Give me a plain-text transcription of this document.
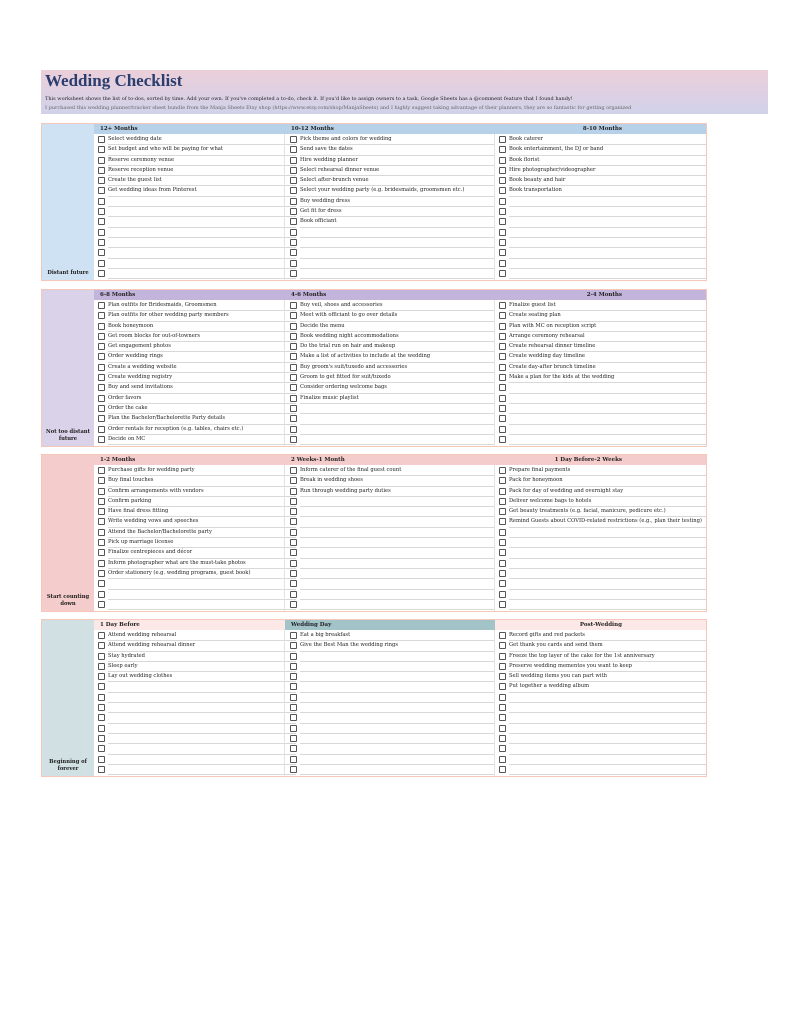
Wedding Checklist
This worksheet shows the list of to-dos, sorted by time. Add your own. If you've completed a to-do, check it. If you'd like to assign owners to a task, Google Sheets has a @comment feature that I found handy!
I purchased this wedding planner/tracker sheet bundle from the Manja Sheets Etsy shop (https://www.etsy.com/shop/ManjaSheets) and I highly suggest taking advantage of their planners, they are so fantastic for getting organized
Distant future
12+ Months
Select wedding date
Set budget and who will be paying for what
Reserve ceremony venue
Reserve reception venue
Create the guest list
Get wedding ideas from Pinterest
10-12 Months
Pick theme and colors for wedding
Send save the dates
Hire wedding planner
Select rehearsal dinner venue
Select after-brunch venue
Select your wedding party (e.g. bridesmaids, groomsmen etc.)
Buy wedding dress
Get fit for dress
Book officiant
8-10 Months
Book caterer
Book entertainment, the DJ or band
Book florist
Hire photographer/videographer
Book beauty and hair
Book transportation
Not too distant future
6-8 Months
Plan outfits for Bridesmaids, Groomsmen
Plan outfits for other wedding party members
Book honeymoon
Get room blocks for out-of-towners
Get engagement photos
Order wedding rings
Create a wedding website
Create wedding registry
Buy and send invitations
Order favors
Order the cake
Plan the Bachelor/Bachelorette Party details
Order rentals for reception (e.g. tables, chairs etc.)
Decide on MC
4-6 Months
Buy veil, shoes and accessories
Meet with officiant to go over details
Decide the menu
Book wedding night accommodations
Do the trial run on hair and makeup
Make a list of activities to include at the wedding
Buy groom's suit/tuxedo and accessories
Groom to get fitted for suit/tuxedo
Consider ordering welcome bags
Finalize music playlist
2-4 Months
Finalize guest list
Create seating plan
Plan with MC on reception script
Arrange ceremony rehearsal
Create rehearsal dinner timeline
Create wedding day timeline
Create day-after brunch timeline
Make a plan for the kids at the wedding
Start counting down
1-2 Months
Purchase gifts for wedding party
Buy final touches
Confirm arrangements with vendors
Confirm parking
Have final dress fitting
Write wedding vows and speeches
Attend the Bachelor/Bachelorette party
Pick up marriage license
Finalize centrepieces and décor
Inform photographer what are the must-take photos
Order stationery (e.g. wedding programs, guest book)
2 Weeks-1 Month
Inform caterer of the final guest count
Break in wedding shoes
Run through wedding party duties
1 Day Before-2 Weeks
Prepare final payments
Pack for honeymoon
Pack for day of wedding and overnight stay
Deliver welcome bags to hotels
Get beauty treatments (e.g. facial, manicure, pedicure etc.)
Remind Guests about COVID-related restrictions (e.g., plan their testing)
Beginning of forever
1 Day Before
Attend wedding rehearsal
Attend wedding rehearsal dinner
Stay hydrated
Sleep early
Lay out wedding clothes
Wedding Day
Eat a big breakfast
Give the Best Man the wedding rings
Post-Wedding
Record gifts and red packets
Get thank you cards and send them
Freeze the top layer of the cake for the 1st anniversary
Preserve wedding mementos you want to keep
Sell wedding items you can part with
Put together a wedding album
